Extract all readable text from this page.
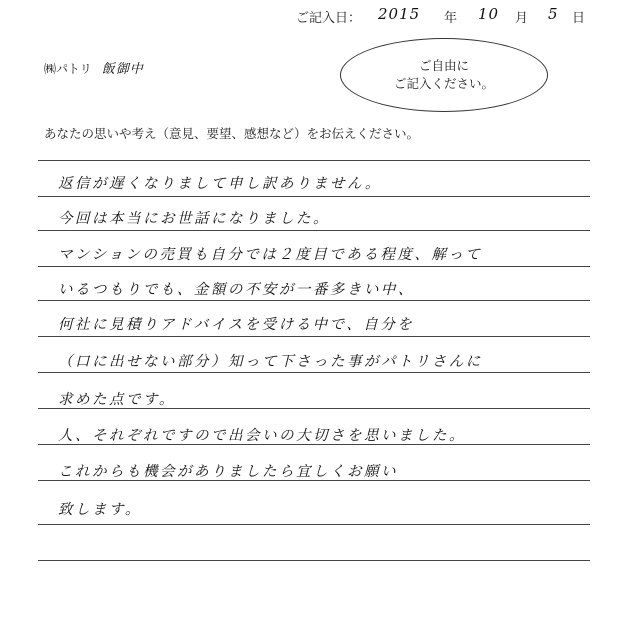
ご記入日： 2015 年 10 月 5 日
㈱パトリ 飯御中	ご自由に
ご記入ください。
あなたの思いや考え（意見、要望、感想など）をお伝えください。
返信が遅くなりまして申し訳ありません。
今回は本当にお世話になりました。
マンションの売買も自分では２度目である程度、解って
いるつもりでも、金額の不安が一番多きい中、
何社に見積りアドバイスを受ける中で、自分を
（口に出せない部分）知って下さった事がパトリさんに
求めた点です。
人、それぞれですので出会いの大切さを思いました。
これからも機会がありましたら宜しくお願い
致します。
